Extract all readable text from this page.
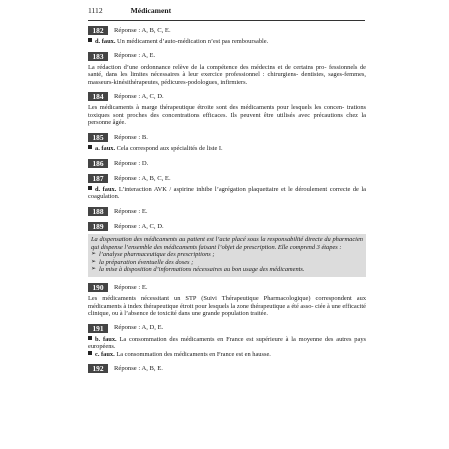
1112	Médicament
182	Réponse : A, B, C, E.

d. faux. Un médicament d’auto-médication n’est pas remboursable.

183	Réponse : A, E.

La rédaction d’une ordonnance relève de la compétence des médecins et de certains pro- fessionnels de santé, dans les limites nécessaires à leur exercice professionnel : chirurgiens- dentistes, sages-femmes, masseurs-kinésithérapeutes, pédicures-podologues, infirmiers.

184	Réponse : A, C, D.

Les médicaments à marge thérapeutique étroite sont des médicaments pour lesquels les concen- trations toxiques sont proches des concentrations efficaces. Ils peuvent être utilisés avec précautions chez la personne âgée.

185	Réponse : B.

a. faux. Cela correspond aux spécialités de liste I.

186	Réponse : D.
187	Réponse : A, B, C, E.

d. faux. L’interaction AVK / aspirine inhibe l’agrégation plaquettaire et le déroulement correcte de la coagulation.

188	Réponse : E.
189	Réponse : A, C, D.

La dispensation des médicaments au patient est l’acte placé sous la responsabilité directe du pharmacien qui dispense l’ensemble des médicaments faisant l’objet de prescription. Elle comprend 3 étapes :

➢ l’analyse pharmaceutique des prescriptions ;
➢ la préparation éventuelle des doses ;
➢ la mise à disposition d’informations nécessaires au bon usage des médicaments.
190	Réponse : E.

Les médicaments nécessitant un STP (Suivi Thérapeutique Pharmacologique) correspondent aux médicaments à index thérapeutique étroit pour lesquels la zone thérapeutique a été asso- ciée à une efficacité clinique, ou à l’absence de toxicité dans une grande population traitée.

191	Réponse : A, D, E.

b. faux. La consommation des médicaments en France est supérieure à la moyenne des autres pays européens.

c. faux. La consommation des médicaments en France est en hausse.

192	Réponse : A, B, E.
